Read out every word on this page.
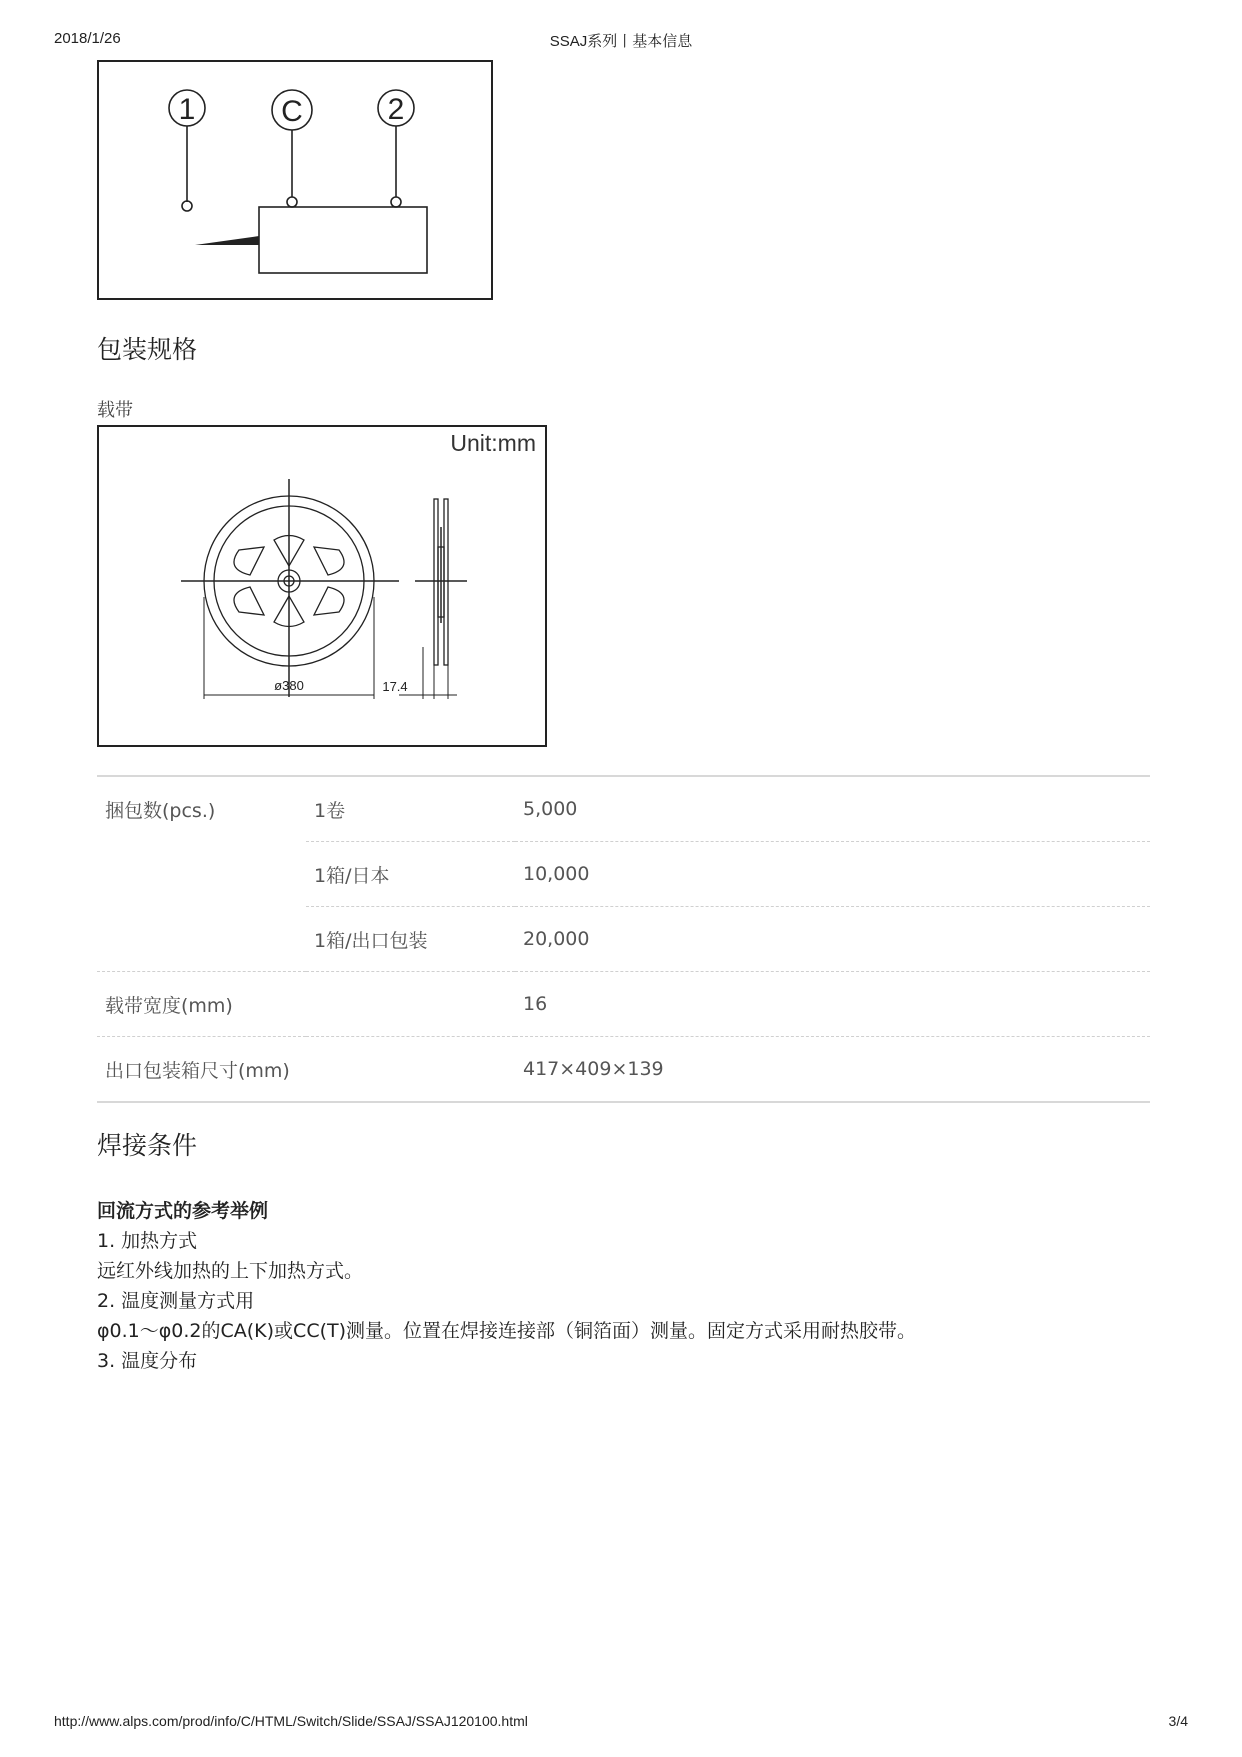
2018/1/26	SSAJ系列丨基本信息
1	C	2
包装规格
载带
Unit:mm
ø380	17.4
捆包数(pcs.)	1卷	5,000
	1箱/日本	10,000
	1箱/出口包装	20,000
载带宽度(mm)		16
出口包装箱尺寸(mm)		417×409×139
焊接条件
回流方式的参考举例
1. 加热方式
远红外线加热的上下加热方式。
2. 温度测量方式用
φ0.1～φ0.2的CA(K)或CC(T)测量。位置在焊接连接部（铜箔面）测量。固定方式采用耐热胶带。
3. 温度分布
http://www.alps.com/prod/info/C/HTML/Switch/Slide/SSAJ/SSAJ120100.html	3/4
